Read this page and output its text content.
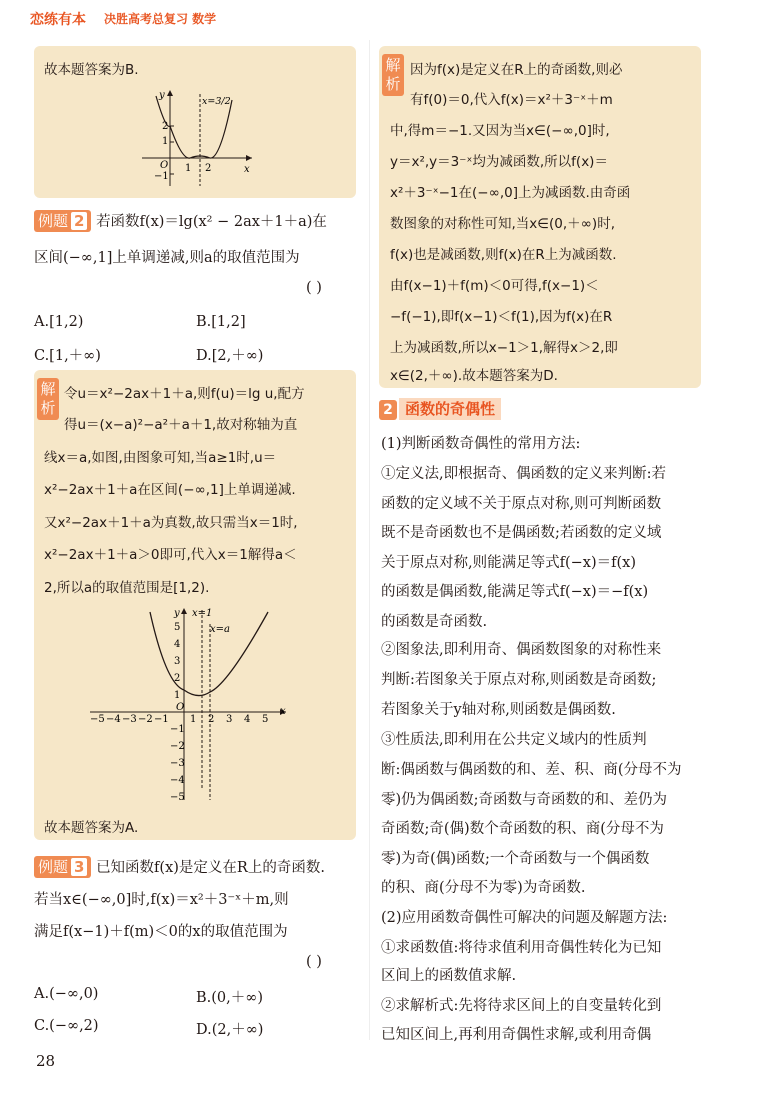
恋练有本 决胜高考总复习 数学
故本题答案为B.
y
x
O
2
1
−1
1 2
x=3/2
例题 2 若函数f(x)＝lg(x² − 2ax＋1＋a)在
区间(−∞,1]上单调递减,则a的取值范围为
( )
A.[1,2)	B.[1,2]
C.[1,＋∞)	D.[2,＋∞)
解析
令u＝x²−2ax＋1＋a,则f(u)＝lg u,配方
得u＝(x−a)²−a²＋a＋1,故对称轴为直
线x＝a,如图,由图象可知,当a≥1时,u＝
x²−2ax＋1＋a在区间(−∞,1]上单调递减.
又x²−2ax＋1＋a为真数,故只需当x＝1时,
x²−2ax＋1＋a＞0即可,代入x＝1解得a＜
2,所以a的取值范围是[1,2).
y
x
O
x=1
x=a
−5 −4 −3 −2 −1 1 2 3 4 5
5
4
3
2
1
−1
−2
−3
−4
−5
故本题答案为A.
例题 3 已知函数f(x)是定义在R上的奇函数.
若当x∈(−∞,0]时,f(x)＝x²＋3⁻ˣ＋m,则
满足f(x−1)＋f(m)＜0的x的取值范围为
( )
A.(−∞,0)	B.(0,＋∞)
C.(−∞,2)	D.(2,＋∞)
28
解析
因为f(x)是定义在R上的奇函数,则必
有f(0)＝0,代入f(x)＝x²＋3⁻ˣ＋m
中,得m＝−1.又因为当x∈(−∞,0]时,
y＝x²,y＝3⁻ˣ均为减函数,所以f(x)＝
x²＋3⁻ˣ−1在(−∞,0]上为减函数.由奇函
数图象的对称性可知,当x∈(0,＋∞)时,
f(x)也是减函数,则f(x)在R上为减函数.
由f(x−1)＋f(m)＜0可得,f(x−1)＜
−f(−1),即f(x−1)＜f(1),因为f(x)在R
上为减函数,所以x−1＞1,解得x＞2,即
x∈(2,＋∞).故本题答案为D.
2 函数的奇偶性
(1)判断函数奇偶性的常用方法:
①定义法,即根据奇、偶函数的定义来判断:若
函数的定义域不关于原点对称,则可判断函数
既不是奇函数也不是偶函数;若函数的定义域
关于原点对称,则能满足等式f(−x)＝f(x)
的函数是偶函数,能满足等式f(−x)＝−f(x)
的函数是奇函数.
②图象法,即利用奇、偶函数图象的对称性来
判断:若图象关于原点对称,则函数是奇函数;
若图象关于y轴对称,则函数是偶函数.
③性质法,即利用在公共定义域内的性质判
断:偶函数与偶函数的和、差、积、商(分母不为
零)仍为偶函数;奇函数与奇函数的和、差仍为
奇函数;奇(偶)数个奇函数的积、商(分母不为
零)为奇(偶)函数;一个奇函数与一个偶函数
的积、商(分母不为零)为奇函数.
(2)应用函数奇偶性可解决的问题及解题方法:
①求函数值:将待求值利用奇偶性转化为已知
区间上的函数值求解.
②求解析式:先将待求区间上的自变量转化到
已知区间上,再利用奇偶性求解,或利用奇偶
